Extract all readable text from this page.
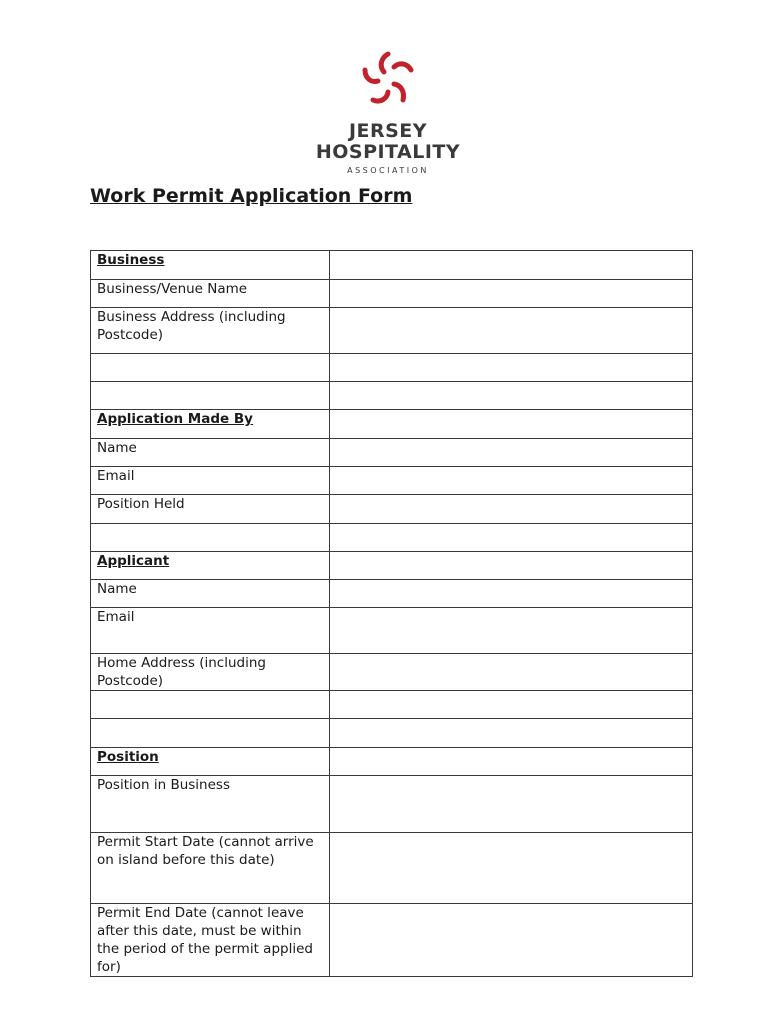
JERSEY
HOSPITALITY
ASSOCIATION
Work Permit Application Form
Business	
Business/Venue Name	
Business Address (including Postcode)	

Application Made By	
Name	
Email	
Position Held	

Applicant	
Name	
Email	
Home Address (including Postcode)	

Position	
Position in Business	
Permit Start Date (cannot arrive on island before this date)	
Permit End Date (cannot leave after this date, must be within the period of the permit applied for)	
